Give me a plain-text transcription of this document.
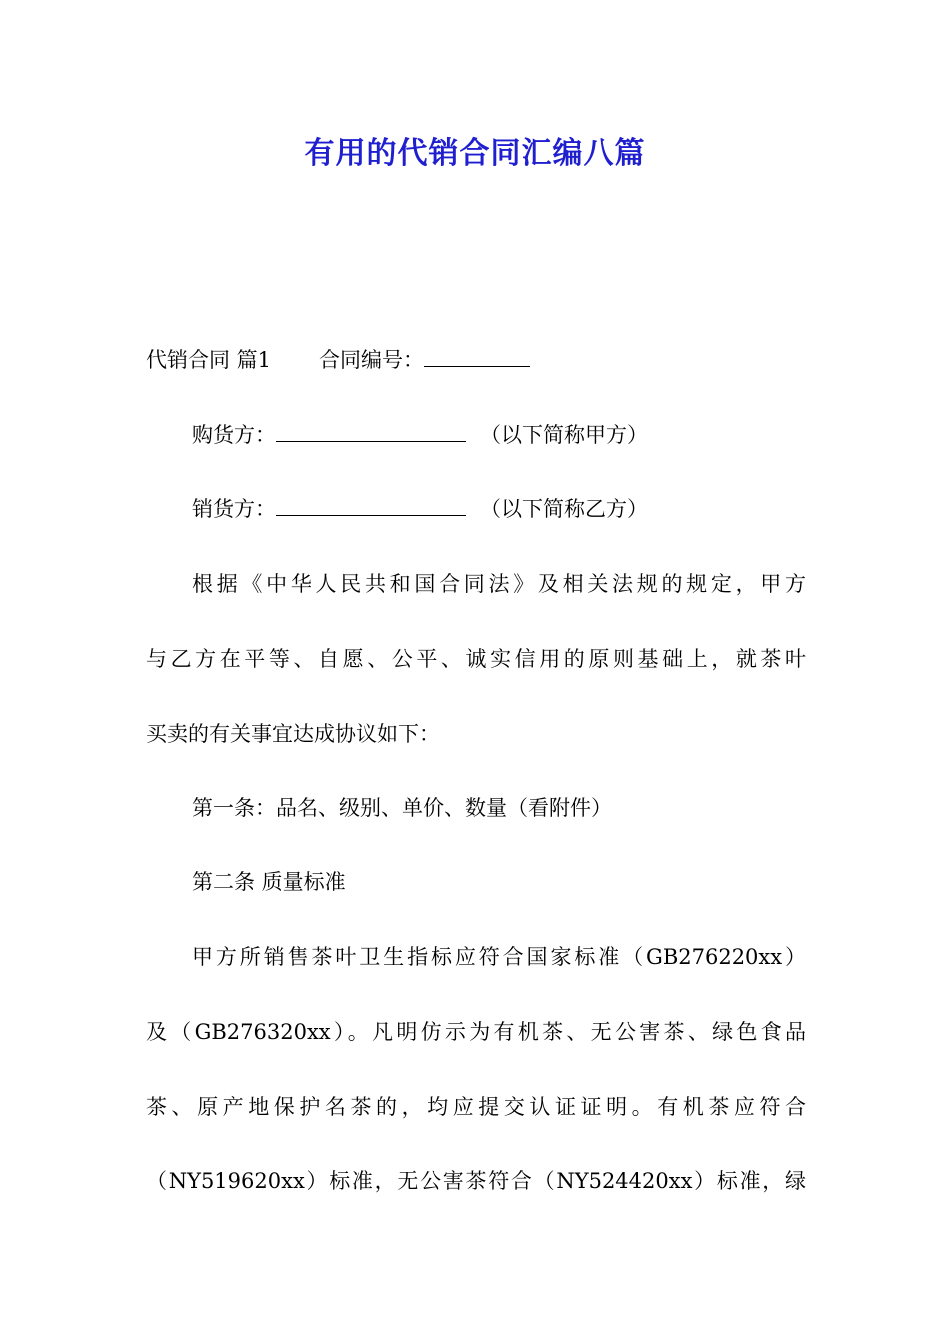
有用的代销合同汇编八篇
代销合同 篇1 合同编号：
购货方：	（以下简称甲方）
销货方：	（以下简称乙方）
根据《中华人民共和国合同法》及相关法规的规定，甲方
与乙方在平等、自愿、公平、诚实信用的原则基础上，就茶叶
买卖的有关事宜达成协议如下：
第一条：品名、级别、单价、数量（看附件）
第二条 质量标准
甲方所销售茶叶卫生指标应符合国家标准（GB276220xx）
及（GB276320xx）。凡明仿示为有机茶、无公害茶、绿色食品
茶、原产地保护名茶的，均应提交认证证明。有机茶应符合
（NY519620xx）标准，无公害茶符合（NY524420xx）标准，绿
